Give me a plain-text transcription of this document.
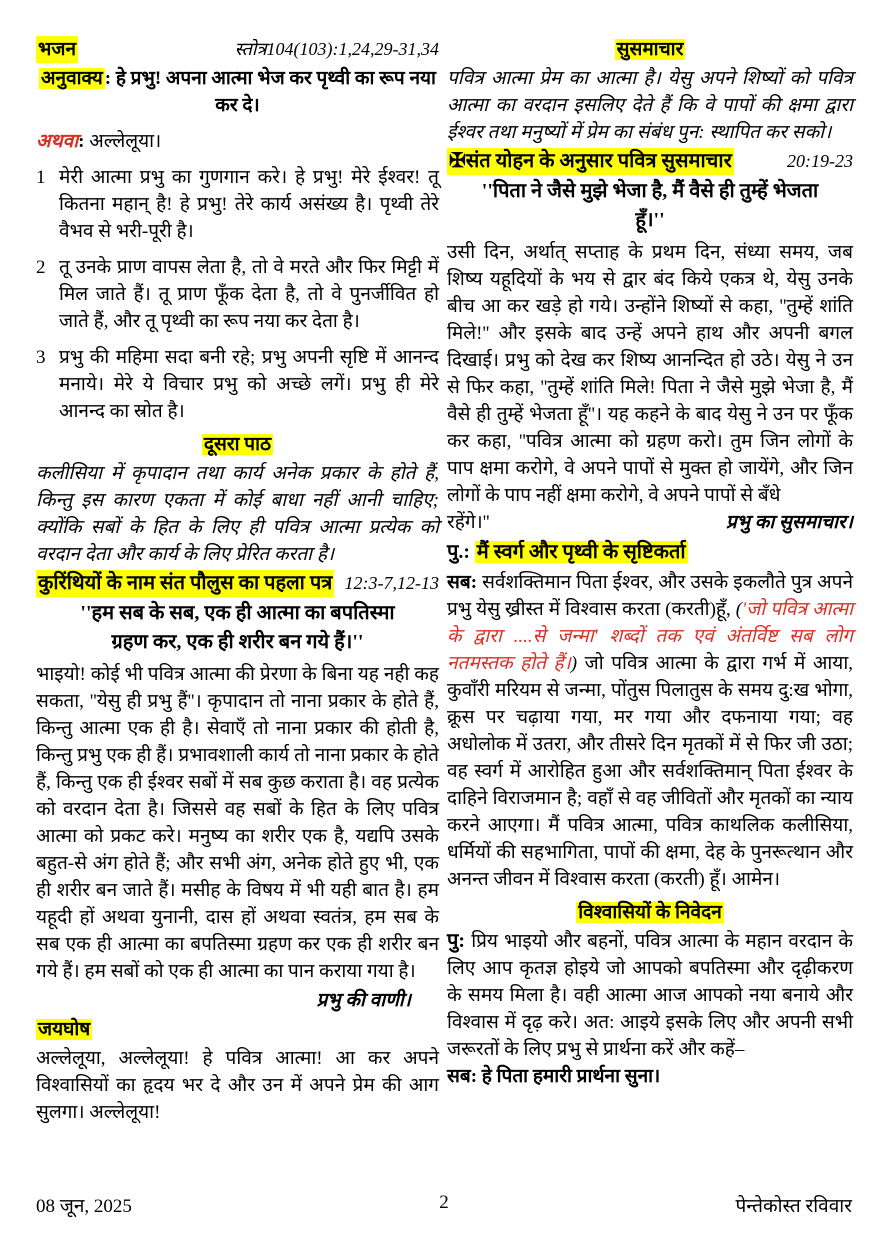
भजन	स्तोत्र104(103):1,24,29-31,34
अनुवाक्य : हे प्रभु! अपना आत्मा भेज कर पृथ्वी का रूप नया कर दे।
अथवा: अल्लेलूया।
1 मेरी आत्मा प्रभु का गुणगान करे। हे प्रभु! मेरे ईश्वर! तू कितना महान् है! हे प्रभु! तेरे कार्य असंख्य है। पृथ्वी तेरे वैभव से भरी-पूरी है।
2 तू उनके प्राण वापस लेता है, तो वे मरते और फिर मिट्टी में मिल जाते हैं। तू प्राण फूँक देता है, तो वे पुनर्जीवित हो जाते हैं, और तू पृथ्वी का रूप नया कर देता है।
3 प्रभु की महिमा सदा बनी रहे; प्रभु अपनी सृष्टि में आनन्द मनाये। मेरे ये विचार प्रभु को अच्छे लगें। प्रभु ही मेरे आनन्द का स्रोत है।
दूसरा पाठ
कलीसिया में कृपादान तथा कार्य अनेक प्रकार के होते हैं, किन्तु इस कारण एकता में कोई बाधा नहीं आनी चाहिए; क्योंकि सबों के हित के लिए ही पवित्र आत्मा प्रत्येक को वरदान देता और कार्य के लिए प्रेरित करता है।
कुरिंथियों के नाम संत पौलुस का पहला पत्र 12:3-7,12-13
''हम सब के सब, एक ही आत्मा का बपतिस्मा
ग्रहण कर, एक ही शरीर बन गये हैं।''
भाइयो! कोई भी पवित्र आत्मा की प्रेरणा के बिना यह नही कह सकता, ''येसु ही प्रभु हैं''। कृपादान तो नाना प्रकार के होते हैं, किन्तु आत्मा एक ही है। सेवाएँ तो नाना प्रकार की होती है, किन्तु प्रभु एक ही हैं। प्रभावशाली कार्य तो नाना प्रकार के होते हैं, किन्तु एक ही ईश्वर सबों में सब कुछ कराता है। वह प्रत्येक को वरदान देता है। जिससे वह सबों के हित के लिए पवित्र आत्मा को प्रकट करे। मनुष्य का शरीर एक है, यद्यपि उसके बहुत-से अंग होते हैं; और सभी अंग, अनेक होते हुए भी, एक ही शरीर बन जाते हैं। मसीह के विषय में भी यही बात है। हम यहूदी हों अथवा युनानी, दास हों अथवा स्वतंत्र, हम सब के सब एक ही आत्मा का बपतिस्मा ग्रहण कर एक ही शरीर बन गये हैं। हम सबों को एक ही आत्मा का पान कराया गया है।
प्रभु की वाणी।
जयघोष
अल्लेलूया, अल्लेलूया! हे पवित्र आत्मा! आ कर अपने विश्वासियों का हृदय भर दे और उन में अपने प्रेम की आग सुलगा। अल्लेलूया!
सुसमाचार
पवित्र आत्मा प्रेम का आत्मा है। येसु अपने शिष्यों को पवित्र आत्मा का वरदान इसलिए देते हैं कि वे पापों की क्षमा द्वारा ईश्वर तथा मनुष्यों में प्रेम का संबंध पुन: स्थापित कर सको।
✠संत योहन के अनुसार पवित्र सुसमाचार	20:19-23
''पिता ने जैसे मुझे भेजा है, मैं वैसे ही तुम्हें भेजता
हूँ।''
उसी दिन, अर्थात् सप्ताह के प्रथम दिन, संध्या समय, जब शिष्य यहूदियों के भय से द्वार बंद किये एकत्र थे, येसु उनके बीच आ कर खड़े हो गये। उन्होंने शिष्यों से कहा, ''तुम्हें शांति मिले!'' और इसके बाद उन्हें अपने हाथ और अपनी बगल दिखाई। प्रभु को देख कर शिष्य आनन्दित हो उठे। येसु ने उन से फिर कहा, ''तुम्हें शांति मिले! पिता ने जैसे मुझे भेजा है, मैं वैसे ही तुम्हें भेजता हूँ''। यह कहने के बाद येसु ने उन पर फूँक कर कहा, ''पवित्र आत्मा को ग्रहण करो। तुम जिन लोगों के पाप क्षमा करोगे, वे अपने पापों से मुक्त हो जायेंगे, और जिन लोगों के पाप नहीं क्षमा करोगे, वे अपने पापों से बँधे
रहेंगे।''	प्रभु का सुसमाचार।
पु.: मैं स्वर्ग और पृथ्वी के सृष्टिकर्ता
सब: सर्वशक्तिमान पिता ईश्वर, और उसके इकलौते पुत्र अपने प्रभु येसु ख्रीस्त में विश्वास करता (करती)हूँ, ('जो पवित्र आत्मा के द्वारा ....से जन्मा' शब्दों तक एवं अंतर्विष्ट सब लोग नतमस्तक होते हैं।) जो पवित्र आत्मा के द्वारा गर्भ में आया, कुवाँरी मरियम से जन्मा, पोंतुस पिलातुस के समय दु:ख भोगा, क्रूस पर चढ़ाया गया, मर गया और दफनाया गया; वह अधोलोक में उतरा, और तीसरे दिन मृतकों में से फिर जी उठा; वह स्वर्ग में आरोहित हुआ और सर्वशक्तिमान् पिता ईश्वर के दाहिने विराजमान है; वहाँ से वह जीवितों और मृतकों का न्याय करने आएगा। मैं पवित्र आत्मा, पवित्र काथलिक कलीसिया, धर्मियों की सहभागिता, पापों की क्षमा, देह के पुनरूत्थान और अनन्त जीवन में विश्वास करता (करती) हूँ। आमेन।
विश्वासियों के निवेदन
पु: प्रिय भाइयो और बहनों, पवित्र आत्मा के महान वरदान के लिए आप कृतज्ञ होइये जो आपको बपतिस्मा और दृढ़ीकरण के समय मिला है। वही आत्मा आज आपको नया बनाये और विश्वास में दृढ़ करे। अत: आइये इसके लिए और अपनी सभी जरूरतों के लिए प्रभु से प्रार्थना करें और कहें–
सब: हे पिता हमारी प्रार्थना सुना।
2
08 जून, 2025	पेन्तेकोस्त रविवार
